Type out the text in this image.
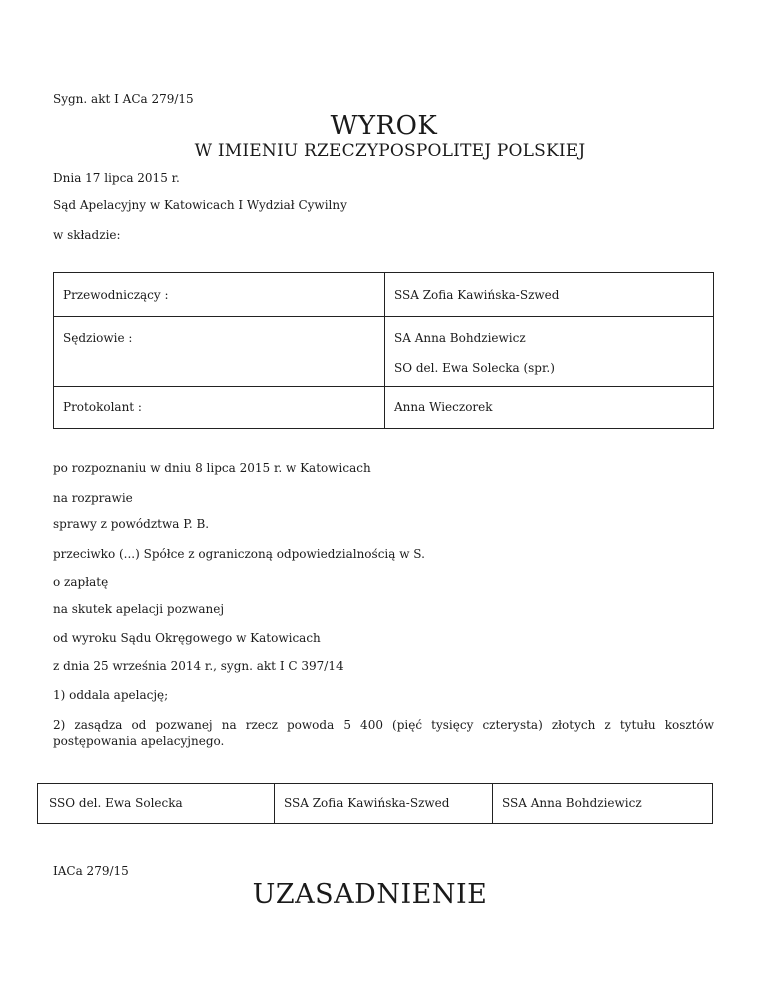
Sygn. akt I ACa 279/15
WYROK
W IMIENIU RZECZYPOSPOLITEJ POLSKIEJ
Dnia 17 lipca 2015 r.
Sąd Apelacyjny w Katowicach I Wydział Cywilny
w składzie:
Przewodniczący :	SSA Zofia Kawińska-Szwed

Sędziowie :	SA Anna Bohdziewicz
SO del. Ewa Solecka (spr.)

Protokolant :	Anna Wieczorek
po rozpoznaniu w dniu 8 lipca 2015 r. w Katowicach
na rozprawie
sprawy z powództwa P. B.
przeciwko (...) Spółce z ograniczoną odpowiedzialnością w S.
o zapłatę
na skutek apelacji pozwanej
od wyroku Sądu Okręgowego w Katowicach
z dnia 25 września 2014 r., sygn. akt I C 397/14
1) oddala apelację;
2) zasądza od pozwanej na rzecz powoda 5 400 (pięć tysięcy czterysta) złotych z tytułu kosztów postępowania apelacyjnego.
SSO del. Ewa Solecka	SSA Zofia Kawińska-Szwed	SSA Anna Bohdziewicz
IACa 279/15
UZASADNIENIE
